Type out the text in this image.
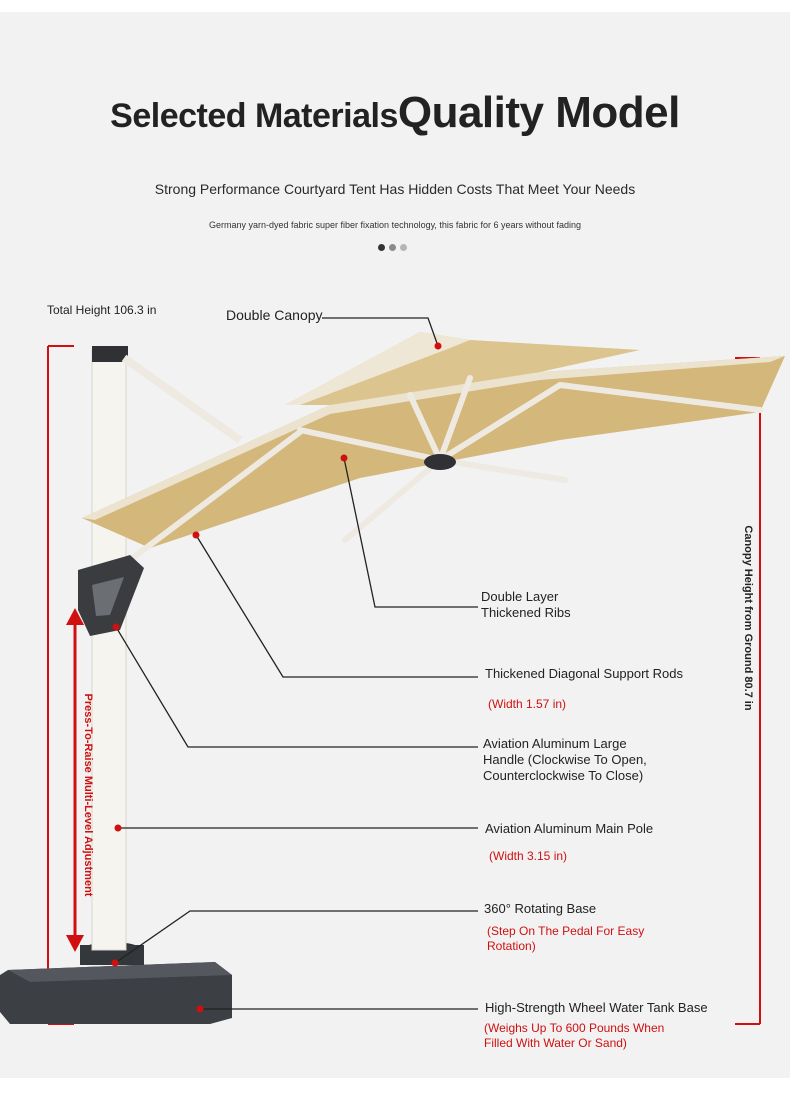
Selected MaterialsQuality Model
Strong Performance Courtyard Tent Has Hidden Costs That Meet Your Needs
Germany yarn-dyed fabric super fiber fixation technology, this fabric for 6 years without fading
Total Height 106.3 in
Canopy Height from Ground 80.7 in
Press-To-Raise Multi-Level Adjustment
Double Canopy
Double Layer
Thickened Ribs
Thickened Diagonal Support Rods
(Width 1.57 in)
Aviation Aluminum Large
Handle (Clockwise To Open,
Counterclockwise To Close)
Aviation Aluminum Main Pole
(Width 3.15 in)
360° Rotating Base
(Step On The Pedal For Easy
Rotation)
High-Strength Wheel Water Tank Base
(Weighs Up To 600 Pounds When
Filled With Water Or Sand)
